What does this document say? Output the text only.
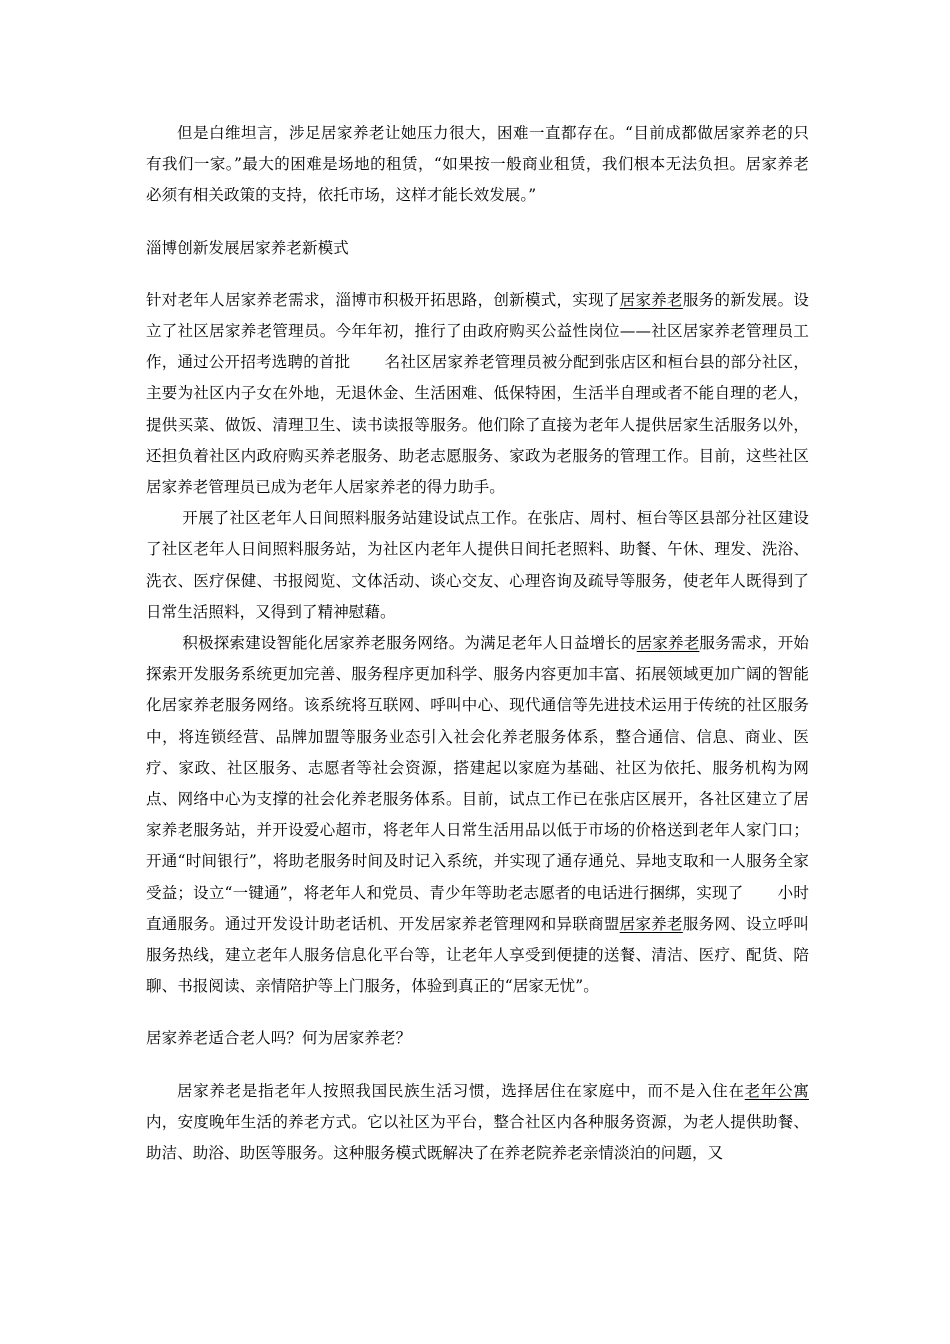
但是白维坦言，涉足居家养老让她压力很大，困难一直都存在。“目前成都做居家养老的只有我们一家。”最大的困难是场地的租赁，“如果按一般商业租赁，我们根本无法负担。居家养老必须有相关政策的支持，依托市场，这样才能长效发展。”

淄博创新发展居家养老新模式

针对老年人居家养老需求，淄博市积极开拓思路，创新模式，实现了居家养老服务的新发展。设立了社区居家养老管理员。今年年初，推行了由政府购买公益性岗位——社区居家养老管理员工作，通过公开招考选聘的首批 名社区居家养老管理员被分配到张店区和桓台县的部分社区，主要为社区内子女在外地，无退休金、生活困难、低保特困，生活半自理或者不能自理的老人，提供买菜、做饭、清理卫生、读书读报等服务。他们除了直接为老年人提供居家生活服务以外，还担负着社区内政府购买养老服务、助老志愿服务、家政为老服务的管理工作。目前，这些社区居家养老管理员已成为老年人居家养老的得力助手。

开展了社区老年人日间照料服务站建设试点工作。在张店、周村、桓台等区县部分社区建设了社区老年人日间照料服务站，为社区内老年人提供日间托老照料、助餐、午休、理发、洗浴、洗衣、医疗保健、书报阅览、文体活动、谈心交友、心理咨询及疏导等服务，使老年人既得到了日常生活照料，又得到了精神慰藉。

积极探索建设智能化居家养老服务网络。为满足老年人日益增长的居家养老服务需求，开始探索开发服务系统更加完善、服务程序更加科学、服务内容更加丰富、拓展领域更加广阔的智能化居家养老服务网络。该系统将互联网、呼叫中心、现代通信等先进技术运用于传统的社区服务中，将连锁经营、品牌加盟等服务业态引入社会化养老服务体系，整合通信、信息、商业、医疗、家政、社区服务、志愿者等社会资源，搭建起以家庭为基础、社区为依托、服务机构为网点、网络中心为支撑的社会化养老服务体系。目前，试点工作已在张店区展开，各社区建立了居家养老服务站，并开设爱心超市，将老年人日常生活用品以低于市场的价格送到老年人家门口；开通“时间银行”，将助老服务时间及时记入系统，并实现了通存通兑、异地支取和一人服务全家受益；设立“一键通”，将老年人和党员、青少年等助老志愿者的电话进行捆绑，实现了 小时直通服务。通过开发设计助老话机、开发居家养老管理网和异联商盟居家养老服务网、设立呼叫服务热线，建立老年人服务信息化平台等，让老年人享受到便捷的送餐、清洁、医疗、配货、陪聊、书报阅读、亲情陪护等上门服务，体验到真正的“居家无忧”。

居家养老适合老人吗？何为居家养老？

居家养老是指老年人按照我国民族生活习惯，选择居住在家庭中，而不是入住在老年公寓内，安度晚年生活的养老方式。它以社区为平台，整合社区内各种服务资源，为老人提供助餐、助洁、助浴、助医等服务。这种服务模式既解决了在养老院养老亲情淡泊的问题，又
